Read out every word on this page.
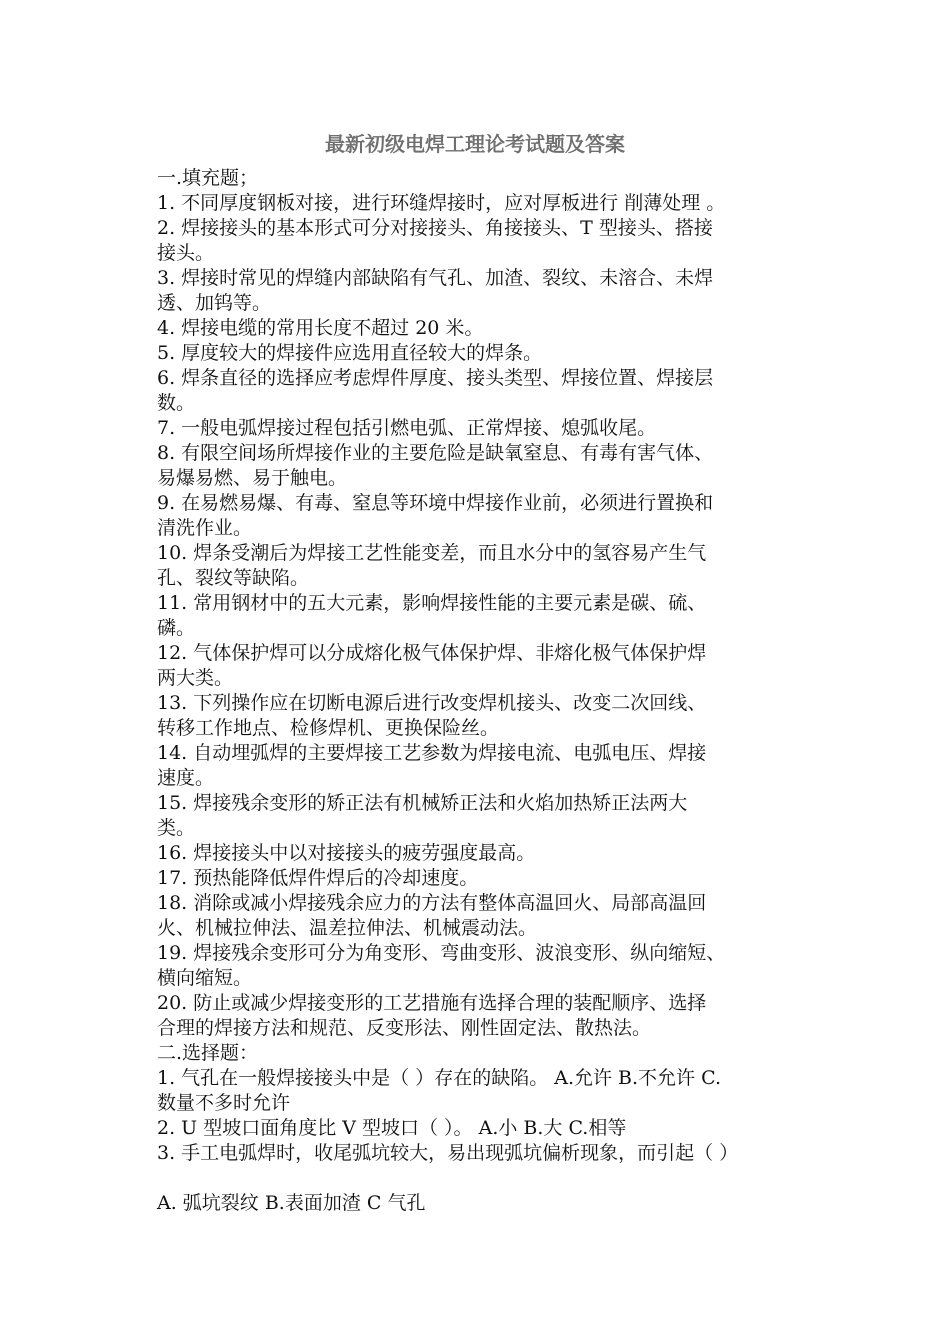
最新初级电焊工理论考试题及答案
一.填充题；
1. 不同厚度钢板对接，进行环缝焊接时，应对厚板进行 削薄处理 。
2. 焊接接头的基本形式可分对接接头、角接接头、T 型接头、搭接
接头。
3. 焊接时常见的焊缝内部缺陷有气孔、加渣、裂纹、未溶合、未焊
透、加钨等。
4. 焊接电缆的常用长度不超过 20 米。
5. 厚度较大的焊接件应选用直径较大的焊条。
6. 焊条直径的选择应考虑焊件厚度、接头类型、焊接位置、焊接层
数。
7. 一般电弧焊接过程包括引燃电弧、正常焊接、熄弧收尾。
8. 有限空间场所焊接作业的主要危险是缺氧窒息、有毒有害气体、
易爆易燃、易于触电。
9. 在易燃易爆、有毒、窒息等环境中焊接作业前，必须进行置换和
清洗作业。
10. 焊条受潮后为焊接工艺性能变差，而且水分中的氢容易产生气
孔、裂纹等缺陷。
11. 常用钢材中的五大元素，影响焊接性能的主要元素是碳、硫、
磷。
12. 气体保护焊可以分成熔化极气体保护焊、非熔化极气体保护焊
两大类。
13. 下列操作应在切断电源后进行改变焊机接头、改变二次回线、
转移工作地点、检修焊机、更换保险丝。
14. 自动埋弧焊的主要焊接工艺参数为焊接电流、电弧电压、焊接
速度。
15. 焊接残余变形的矫正法有机械矫正法和火焰加热矫正法两大
类。
16. 焊接接头中以对接接头的疲劳强度最高。
17. 预热能降低焊件焊后的冷却速度。
18. 消除或减小焊接残余应力的方法有整体高温回火、局部高温回
火、机械拉伸法、温差拉伸法、机械震动法。
19. 焊接残余变形可分为角变形、弯曲变形、波浪变形、纵向缩短、
横向缩短。
20. 防止或减少焊接变形的工艺措施有选择合理的装配顺序、选择
合理的焊接方法和规范、反变形法、刚性固定法、散热法。
二.选择题：
1. 气孔在一般焊接接头中是（ ）存在的缺陷。 A.允许 B.不允许 C.
数量不多时允许
2. U 型坡口面角度比 V 型坡口（ ）。 A.小 B.大 C.相等
3. 手工电弧焊时，收尾弧坑较大，易出现弧坑偏析现象，而引起（ ）
A. 弧坑裂纹 B.表面加渣 C 气孔
